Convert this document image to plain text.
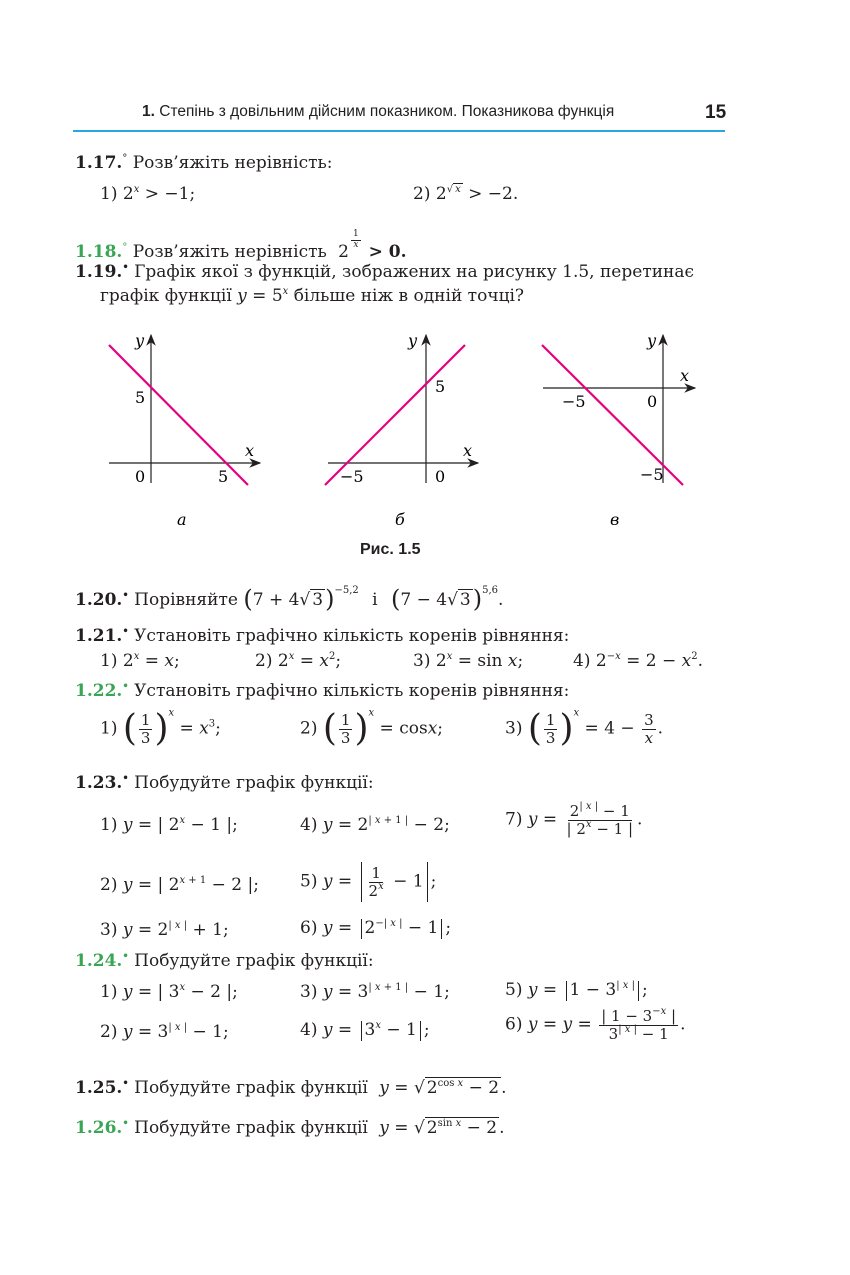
1. Степінь з довільним дійсним показником. Показникова функція	15
1.17.° Розв’яжіть нерівність:
1) $2^x > -1$;	2) $2^{√ x} > -2$.
1.18.° Розв’яжіть нерівність 2
$^{\frac{1}{x}}$
> 0.
1.19.• Графік якої з функцій, зображених на рисунку 1.5, перетинає
графік функції $y = 5^x$ більше ніж в одній точці?
y
x
5
0	5
а
y
x
5
−5	0
б
y
x
−5	0
−5
в
Рис. 1.5
1.20.• Порівняйте (7 + 4√ 3)$^{-5,2}$ і (7 − 4√ 3)$^{5,6}$.
1.21.• Установіть графічно кількість коренів рівняння:
1) $2^x = x$;	2) $2^x = x^2$;	3) $2^x = \sin x$;	4) $2^{-x} = 2 - x^2$.
1.22.• Установіть графічно кількість коренів рівняння:
1) ( $\frac{1}{3} )^x = x^3$;	2) ( $\frac{1}{3} )^x = \cos x$;	3) ( $\frac{1}{3} )^x = 4 - \frac{3}{x}$ .
1.23.• Побудуйте графік функції:
1) y = | $2^x - 1$ |;	4) $y = 2^{| x + 1 |} - 2$;	7) $y = \frac{2^{| x |} - 1}{| 2^x - 1 |}$ .
2) y = | $2^{x + 1} - 2$ |; 5) $y = \frac{1}{2^x} - 1$ ;
3) $y = 2^{| x |} + 1$;	6) $y = 2^{-| x |} - 1$ ;
1.24.• Побудуйте графік функції:
1) y = | $3^x - 2$ |;	3) $y = 3^{| x + 1 |} - 1$;	5) $y = 1 - 3^{| x |}$ ;
2) $y = 3^{| x |} - 1$;	4) $y = 3^x - 1$ ;	6) $y = y = \frac{| 1 - 3^{-x} |}{3^{| x |} - 1}$ .
1.25.• Побудуйте графік функції y = √ $2^{cos x} - 2$ .
1.26.• Побудуйте графік функції y = √ $2^{sin x} - 2$ .
